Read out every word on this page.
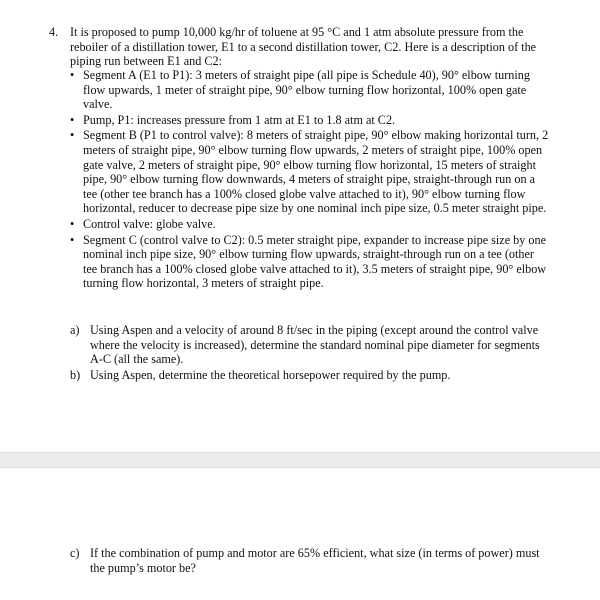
4. It is proposed to pump 10,000 kg/hr of toluene at 95 °C and 1 atm absolute pressure from the reboiler of a distillation tower, E1 to a second distillation tower, C2. Here is a description of the piping run between E1 and C2:
• Segment A (E1 to P1): 3 meters of straight pipe (all pipe is Schedule 40), 90° elbow turning flow upwards, 1 meter of straight pipe, 90° elbow turning flow horizontal, 100% open gate valve.
• Pump, P1: increases pressure from 1 atm at E1 to 1.8 atm at C2.
• Segment B (P1 to control valve): 8 meters of straight pipe, 90° elbow making horizontal turn, 2 meters of straight pipe, 90° elbow turning flow upwards, 2 meters of straight pipe, 100% open gate valve, 2 meters of straight pipe, 90° elbow turning flow horizontal, 15 meters of straight pipe, 90° elbow turning flow downwards, 4 meters of straight pipe, straight-through run on a tee (other tee branch has a 100% closed globe valve attached to it), 90° elbow turning flow horizontal, reducer to decrease pipe size by one nominal inch pipe size, 0.5 meter straight pipe.
• Control valve: globe valve.
• Segment C (control valve to C2): 0.5 meter straight pipe, expander to increase pipe size by one nominal inch pipe size, 90° elbow turning flow upwards, straight-through run on a tee (other tee branch has a 100% closed globe valve attached to it), 3.5 meters of straight pipe, 90° elbow turning flow horizontal, 3 meters of straight pipe.
a) Using Aspen and a velocity of around 8 ft/sec in the piping (except around the control valve where the velocity is increased), determine the standard nominal pipe diameter for segments A-C (all the same).
b) Using Aspen, determine the theoretical horsepower required by the pump.
c) If the combination of pump and motor are 65% efficient, what size (in terms of power) must the pump’s motor be?
